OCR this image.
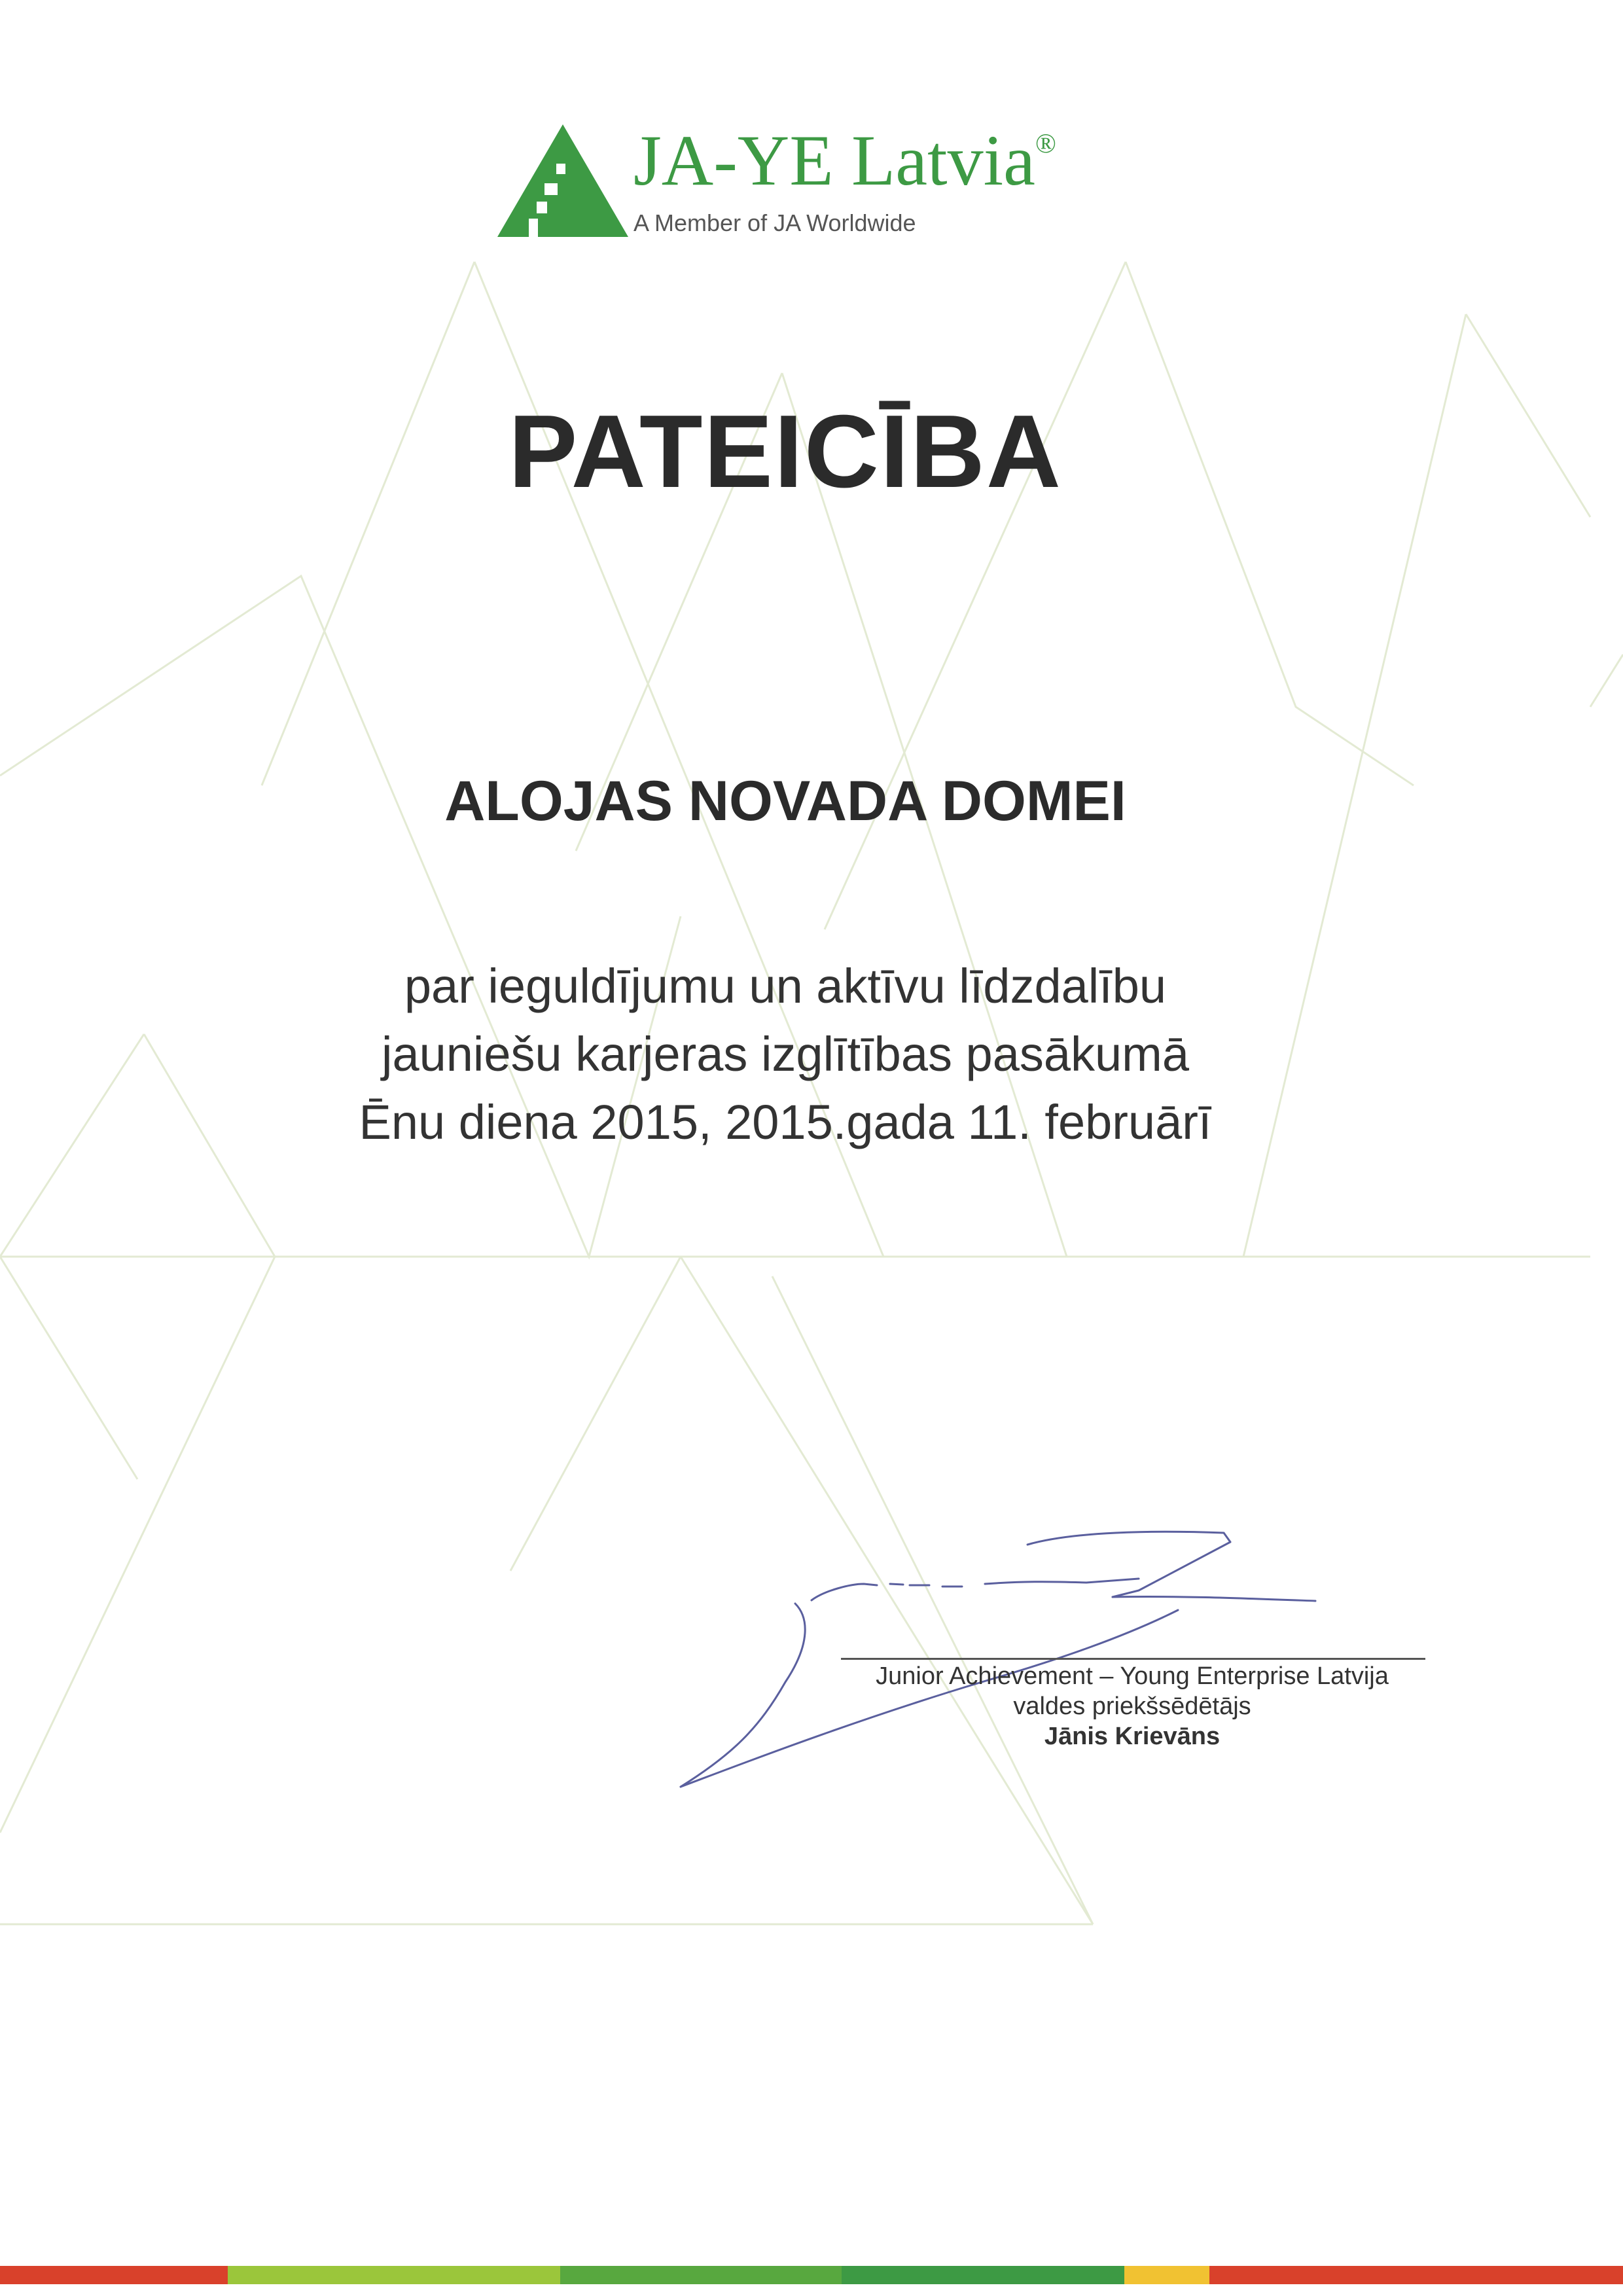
JA-YE Latvia®
A Member of JA Worldwide
PATEICĪBA
ALOJAS NOVADA DOMEI
par ieguldījumu un aktīvu līdzdalību
jauniešu karjeras izglītības pasākumā
Ēnu diena 2015, 2015.gada 11. februārī
Junior Achievement – Young Enterprise Latvija
valdes priekšsēdētājs
Jānis Krievāns
